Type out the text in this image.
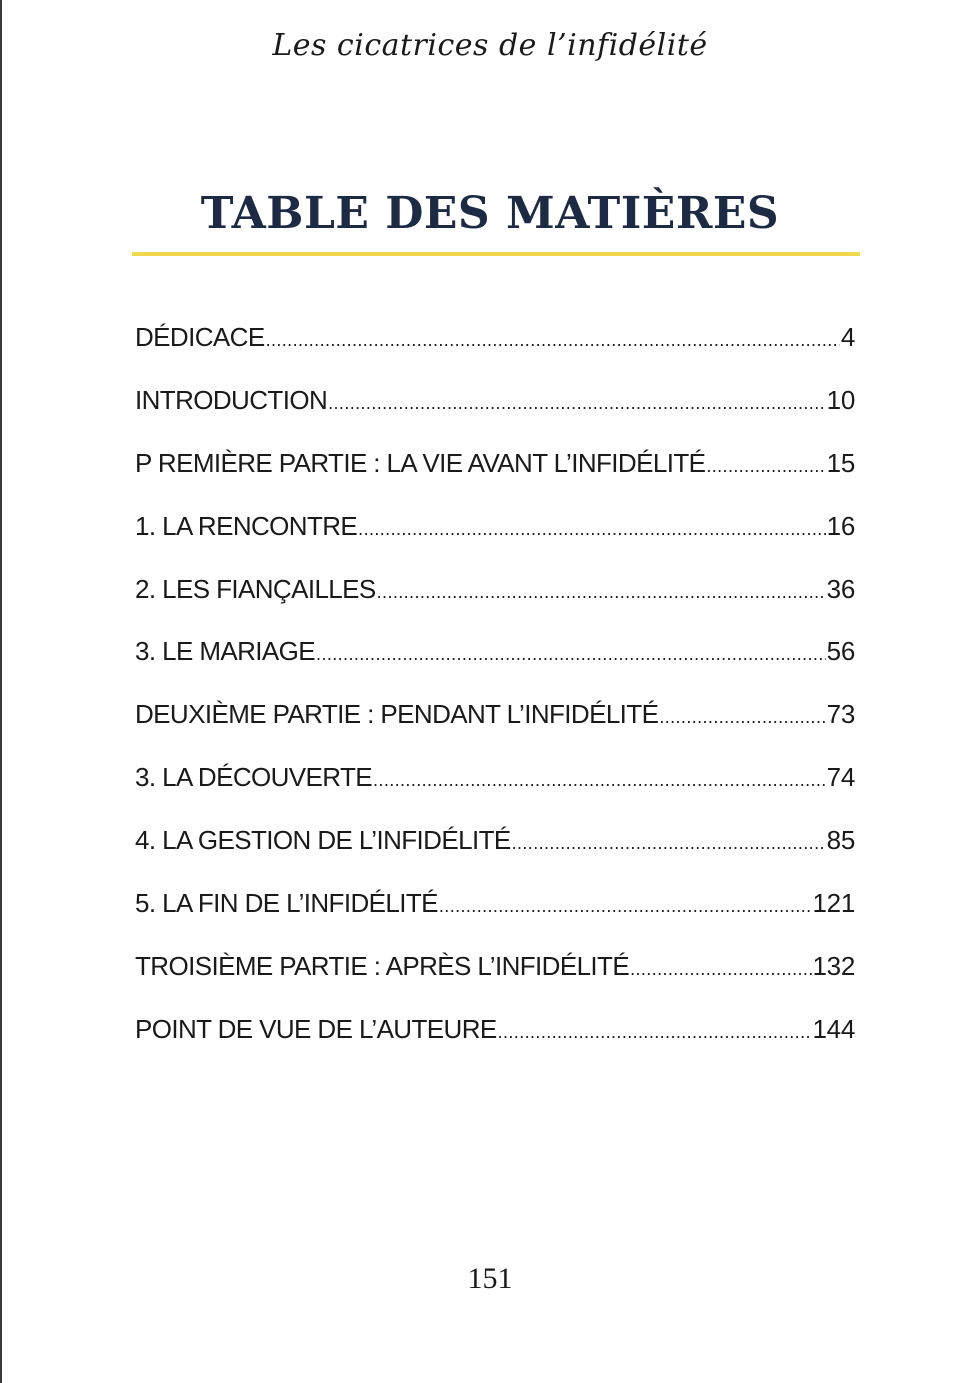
Les cicatrices de l’infidélité
TABLE DES MATIÈRES
DÉDICACE .....	4
INTRODUCTION .....	10
P REMIÈRE PARTIE : LA VIE AVANT L’INFIDÉLITÉ .....	15
1. LA RENCONTRE .....	16
2. LES FIANÇAILLES .....	36
3. LE MARIAGE .....	56
DEUXIÈME PARTIE : PENDANT L’INFIDÉLITÉ .....	73
3. LA DÉCOUVERTE .....	74
4. LA GESTION DE L’INFIDÉLITÉ .....	85
5. LA FIN DE L’INFIDÉLITÉ .....	121
TROISIÈME PARTIE : APRÈS L’INFIDÉLITÉ .....	132
POINT DE VUE DE L’AUTEURE .....	144
151
